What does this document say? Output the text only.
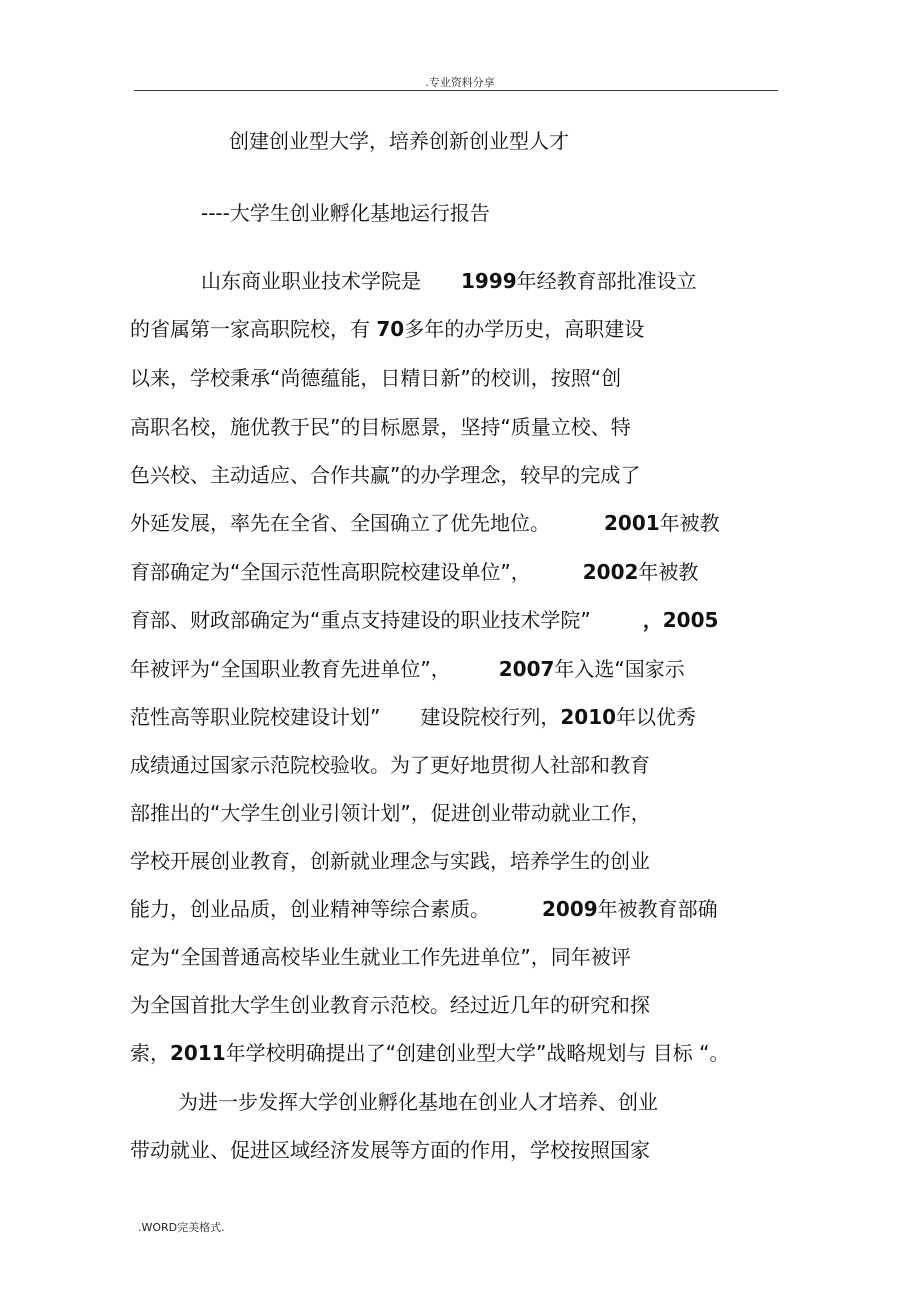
.专业资料分享
创建创业型大学，培养创新创业型人才
----大学生创业孵化基地运行报告
山东商业职业技术学院是 1999年经教育部批准设立
的省属第一家高职院校，有 70多年的办学历史，高职建设
以来，学校秉承“尚德蕴能，日精日新”的校训，按照“创
高职名校，施优教于民”的目标愿景，坚持“质量立校、特
色兴校、主动适应、合作共赢”的办学理念，较早的完成了
外延发展，率先在全省、全国确立了优先地位。	2001年被教
育部确定为“全国示范性高职院校建设单位”，	2002年被教
育部、财政部确定为“重点支持建设的职业技术学院”	，2005
年被评为“全国职业教育先进单位”， 2007年入选“国家示
范性高等职业院校建设计划” 建设院校行列，2010年以优秀
成绩通过国家示范院校验收。为了更好地贯彻人社部和教育
部推出的“大学生创业引领计划”，促进创业带动就业工作，
学校开展创业教育，创新就业理念与实践，培养学生的创业
能力，创业品质，创业精神等综合素质。	2009年被教育部确
定为“全国普通高校毕业生就业工作先进单位”，同年被评
为全国首批大学生创业教育示范校。经过近几年的研究和探
索，2011年学校明确提出了“创建创业型大学”战略规划与 目标 “。
为进一步发挥大学创业孵化基地在创业人才培养、创业
带动就业、促进区域经济发展等方面的作用，学校按照国家
.WORD完美格式.
